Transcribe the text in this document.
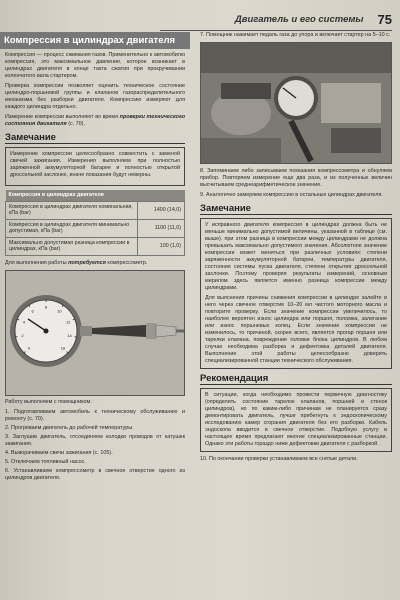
Двигатель и его системы 75
Компрессия в цилиндрах двигателя

Компрессия — процесс сжимания газов. Применительно к автомобилю компрессия, это максимальное давление, которое возникает в цилиндрах двигателя в конце такта сжатия при прокручивании коленчатого вала стартером.

Проверка компрессии позволяет оценить техническое состояние цилиндро-поршневой группы и клапанов газораспределительного механизма без разборки двигателя. Компрессию измеряют для каждого цилиндра отдельно.

Измерение компрессии выполняют во время проверки технического состояния двигателя (с. 70).

Замечание

Измерение компрессии целесообразно совместить с заменой свечей зажигания. Измерения выполняем при полностью заряженной аккумуляторной батарее и полностью открытой дроссельной заслонке, иначе показания будут неверны.

Компрессия в цилиндрах двигателя	
Компрессия в цилиндрах двигателя номинальная, кПа (bar)	1400 (14,0)
Компрессия в цилиндрах двигателя минимально допустимая, кПа (bar)	1100 (11,0)
Максимально допустимая разница компрессии в цилиндрах, кПа (bar)	100 (1,0)

Для выполнения работы потребуется компрессометр.

0
2
4
6
8
10
12
14
16

Работу выполняем с помощником.

1. Подготавливаем автомобиль к техническому обслуживанию и ремонту (с. 70).
2. Прогреваем двигатель до рабочей температуры.
3. Заглушив двигатель, отсоединяем колодки проводов от катушек зажигания.
4. Выворачиваем свечи зажигания (с. 105).
5. Отключаем топливный насос.
6. Устанавливаем компрессометр в свечное отверстие одного из цилиндров двигателя.

7. Помощник нажимает педаль газа до упора и включает стартер на 5–10 с.

8. Запоминаем либо записываем показания компрессометра и обнуляем прибор. Повторяем измерение еще два раза, и из полученных величин высчитываем среднеарифметическое значение.

9. Аналогично замеряем компрессию в остальных цилиндрах двигателя.

Замечание

У исправного двигателя компрессия в цилиндрах должна быть не меньше минимально допустимой величины, указанной в таблице (см. выше), при этом разница в компрессии между цилиндрами не должна превышать максимально допустимого значения. Абсолютное значение компрессии может меняться при различных условиях: степени заряженности аккумуляторной батареи, температуры двигателя, состояния системы пуска двигателя, степени открытия дроссельной заслонки. Поэтому проверяя результаты измерений, основным мерилом здесь является именно разница компрессии между цилиндрами.

Для выяснения причины снижения компрессии в цилиндре залейте в него через свечное отверстие 10–20 мл чистого моторного масла и повторите проверку. Если значение компрессии увеличилось, то наиболее вероятен износ цилиндра или поршня, поломка, залегание или износ поршневых колец. Если значение компрессии не изменилось, то причиной, скорее всего, является прогар поршня или тарелки клапана, повреждение головки блока цилиндров. В любом случае необходима разборка и дефектовка деталей двигателя. Выполнение этой работы целесообразно доверить специализированной станции технического обслуживания.

Рекомендация

В ситуации, когда необходимо провести первичную диагностику (определить состояние тарелок клапанов, поршней и стенок цилиндров), но по каким-либо причинам не планируется сразу демонтировать двигатель, лучше прибегнуть к эндоскопическому исследованию камер сгорания двигателя без его разборки. Кабель эндоскопа вводится в свечное отверстие. Подобную услугу в настоящее время предлагают многие специализированные станции. Однако эти работы гораздо ниже дефектовки двигателя с разборкой.

10. По окончании проверки устанавливаем все снятые детали.
